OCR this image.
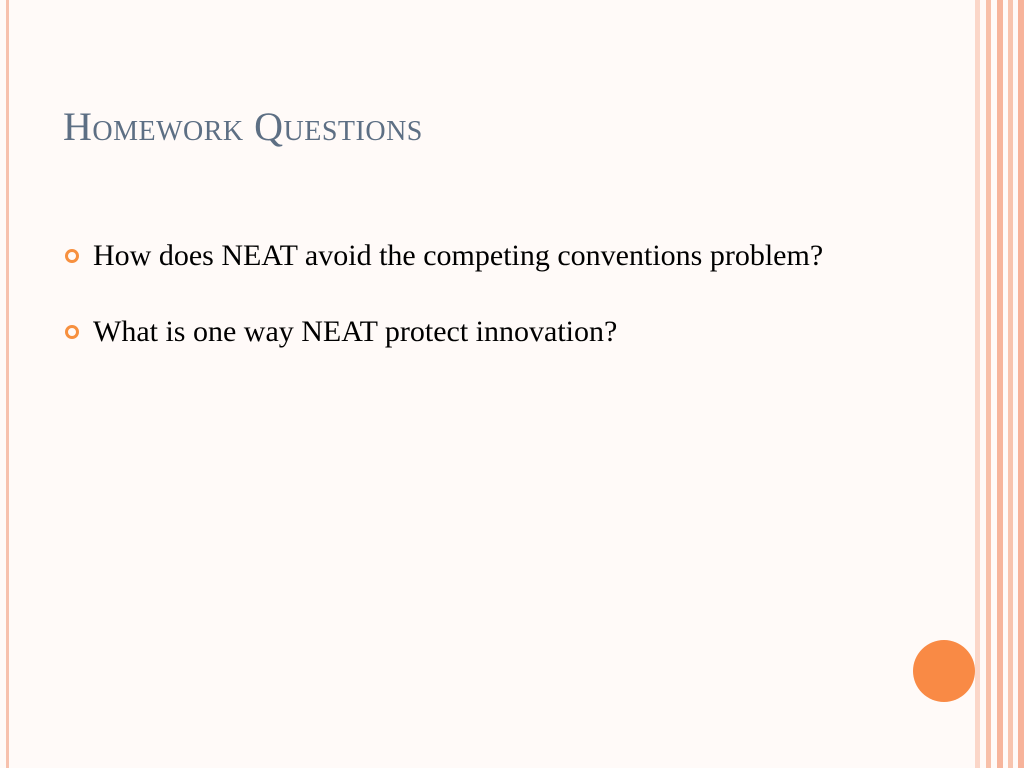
Homework Questions
How does NEAT avoid the competing conventions problem?
What is one way NEAT protect innovation?
